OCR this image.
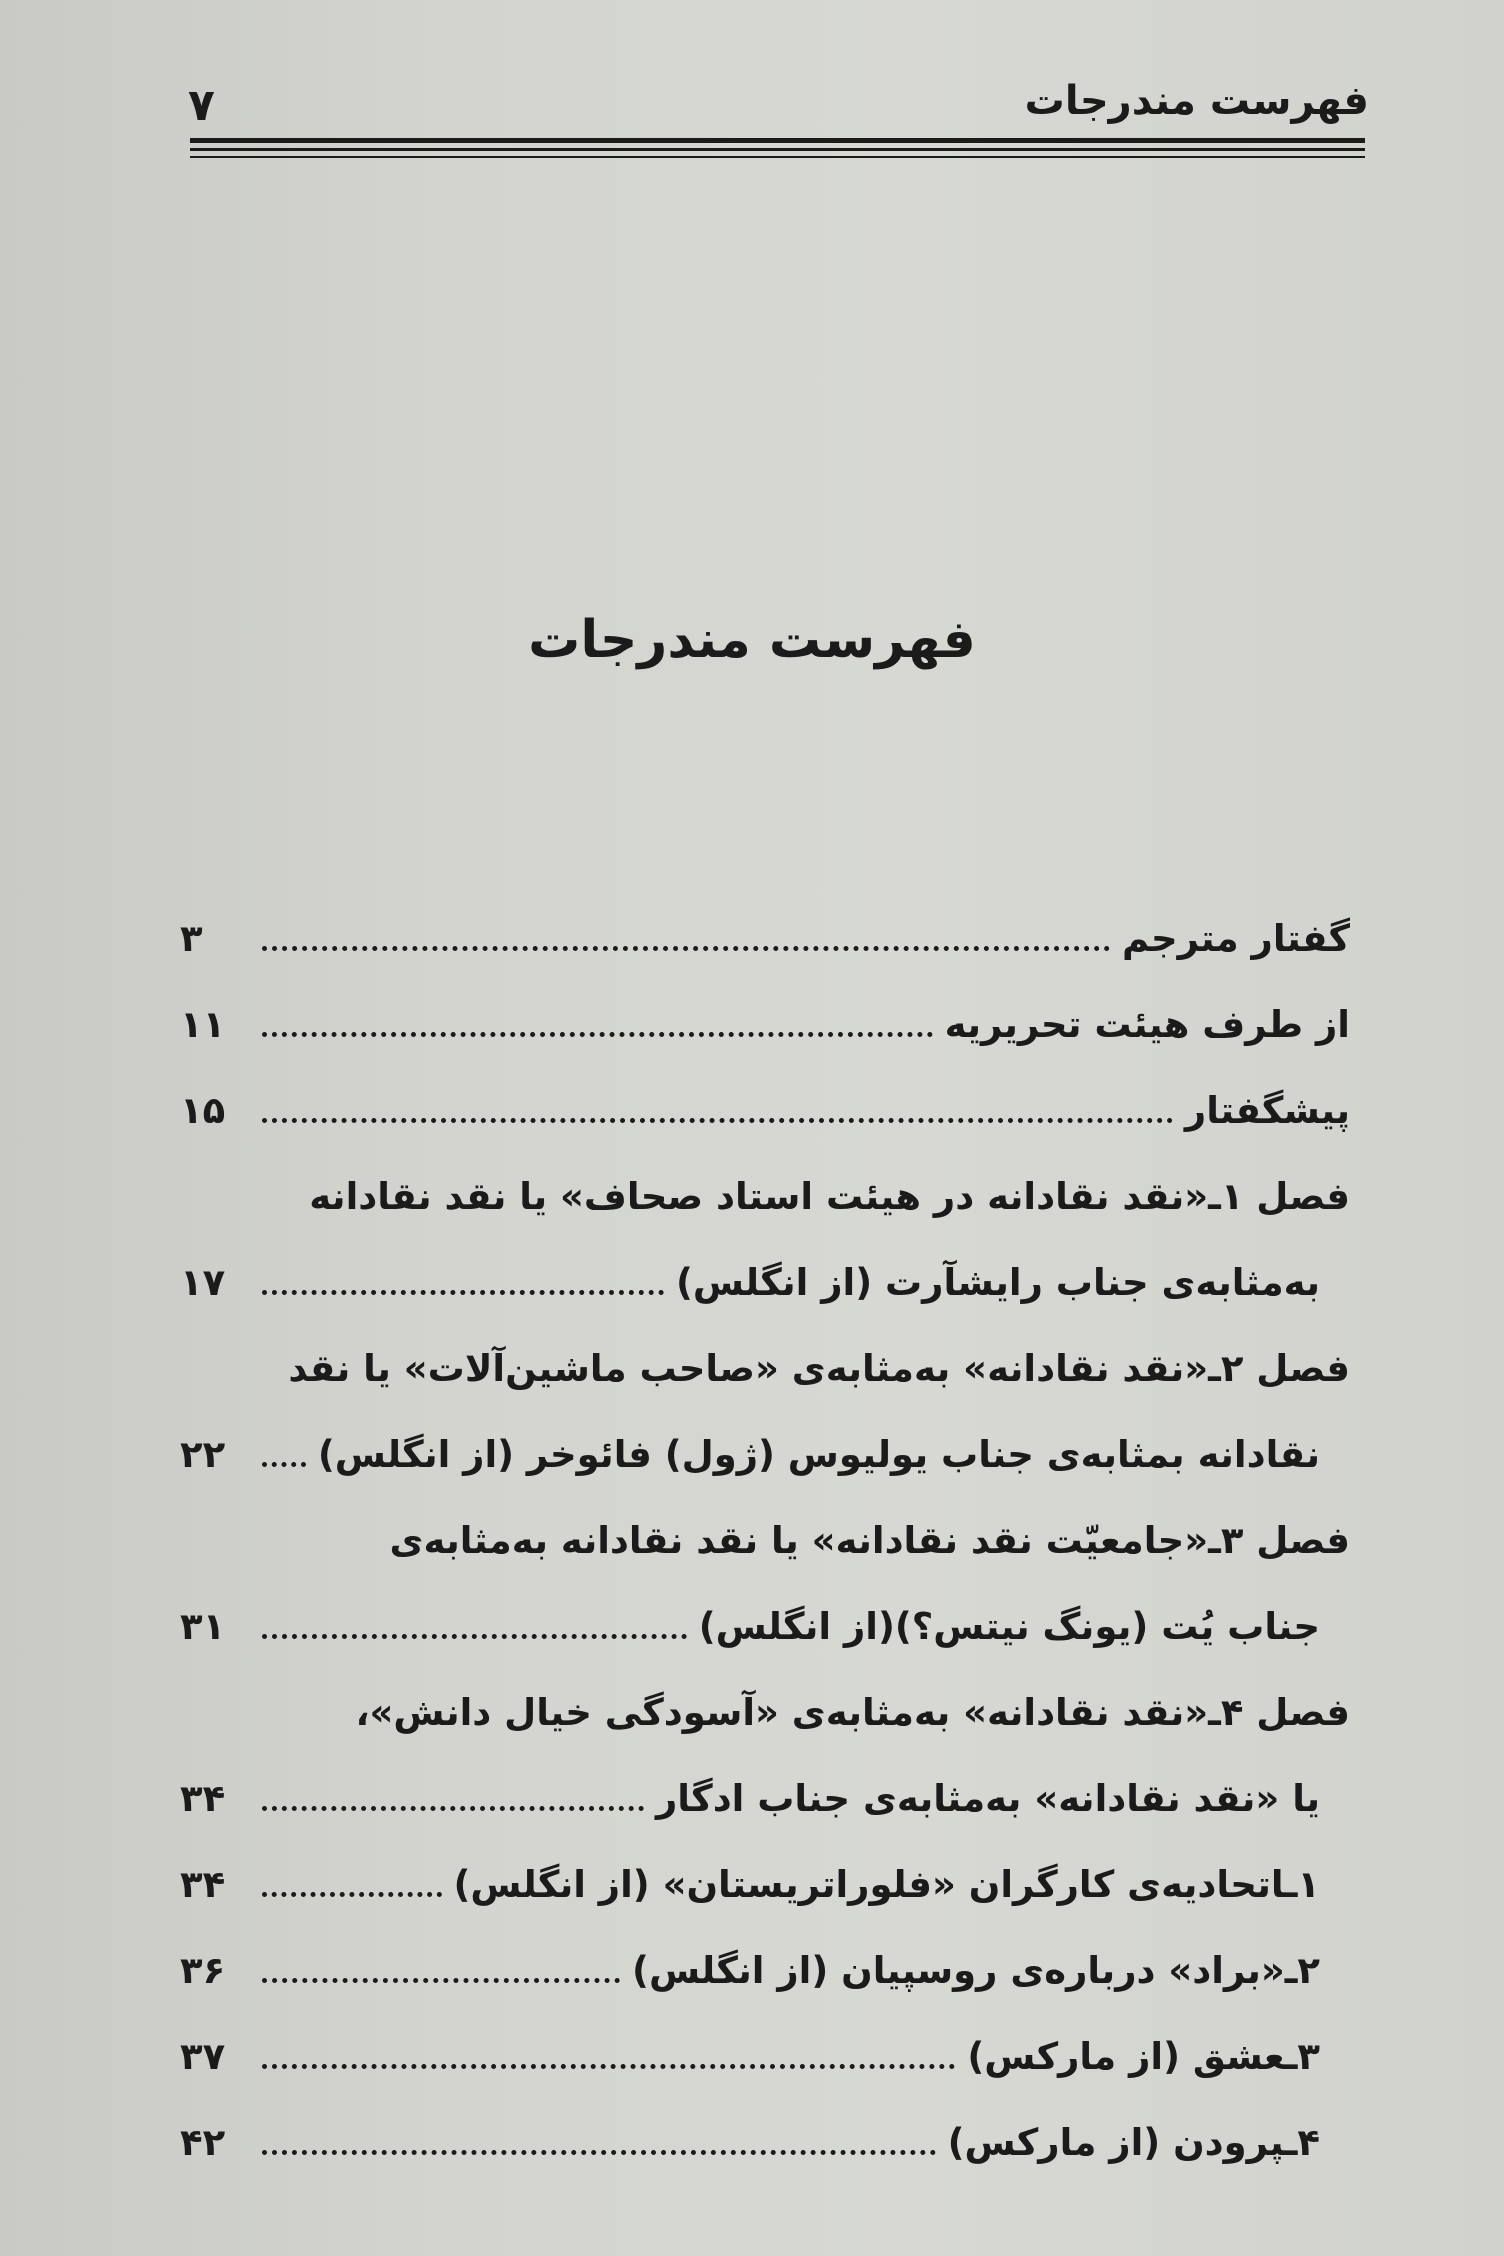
فهرست مندرجات
۷
فهرست مندرجات
گفتار مترجم
۳
از طرف هیئت تحریریه
۱۱
پیشگفتار
۱۵
فصل ۱ـ«نقد نقادانه در هیئت استاد صحاف» یا نقد نقادانه
به‌مثابه‌ی جناب رایشآرت (از انگلس)
۱۷
فصل ۲ـ«نقد نقادانه» به‌مثابه‌ی «صاحب ماشین‌آلات» یا نقد
نقادانه بمثابه‌ی جناب یولیوس (ژول) فائوخر (از انگلس)
۲۲
فصل ۳ـ«جامعیّت نقد نقادانه» یا نقد نقادانه به‌مثابه‌ی
جناب یُت (یونگ نیتس؟)(از انگلس)
۳۱
فصل ۴ـ«نقد نقادانه» به‌مثابه‌ی «آسودگی خیال دانش»،
یا «نقد نقادانه» به‌مثابه‌ی جناب ادگار
۳۴
۱ـاتحادیه‌ی کارگران «فلوراتریستان» (از انگلس)
۳۴
۲ـ«براد» درباره‌ی روسپیان (از انگلس)
۳۶
۳ـعشق (از مارکس)
۳۷
۴ـپرودن (از مارکس)
۴۲
